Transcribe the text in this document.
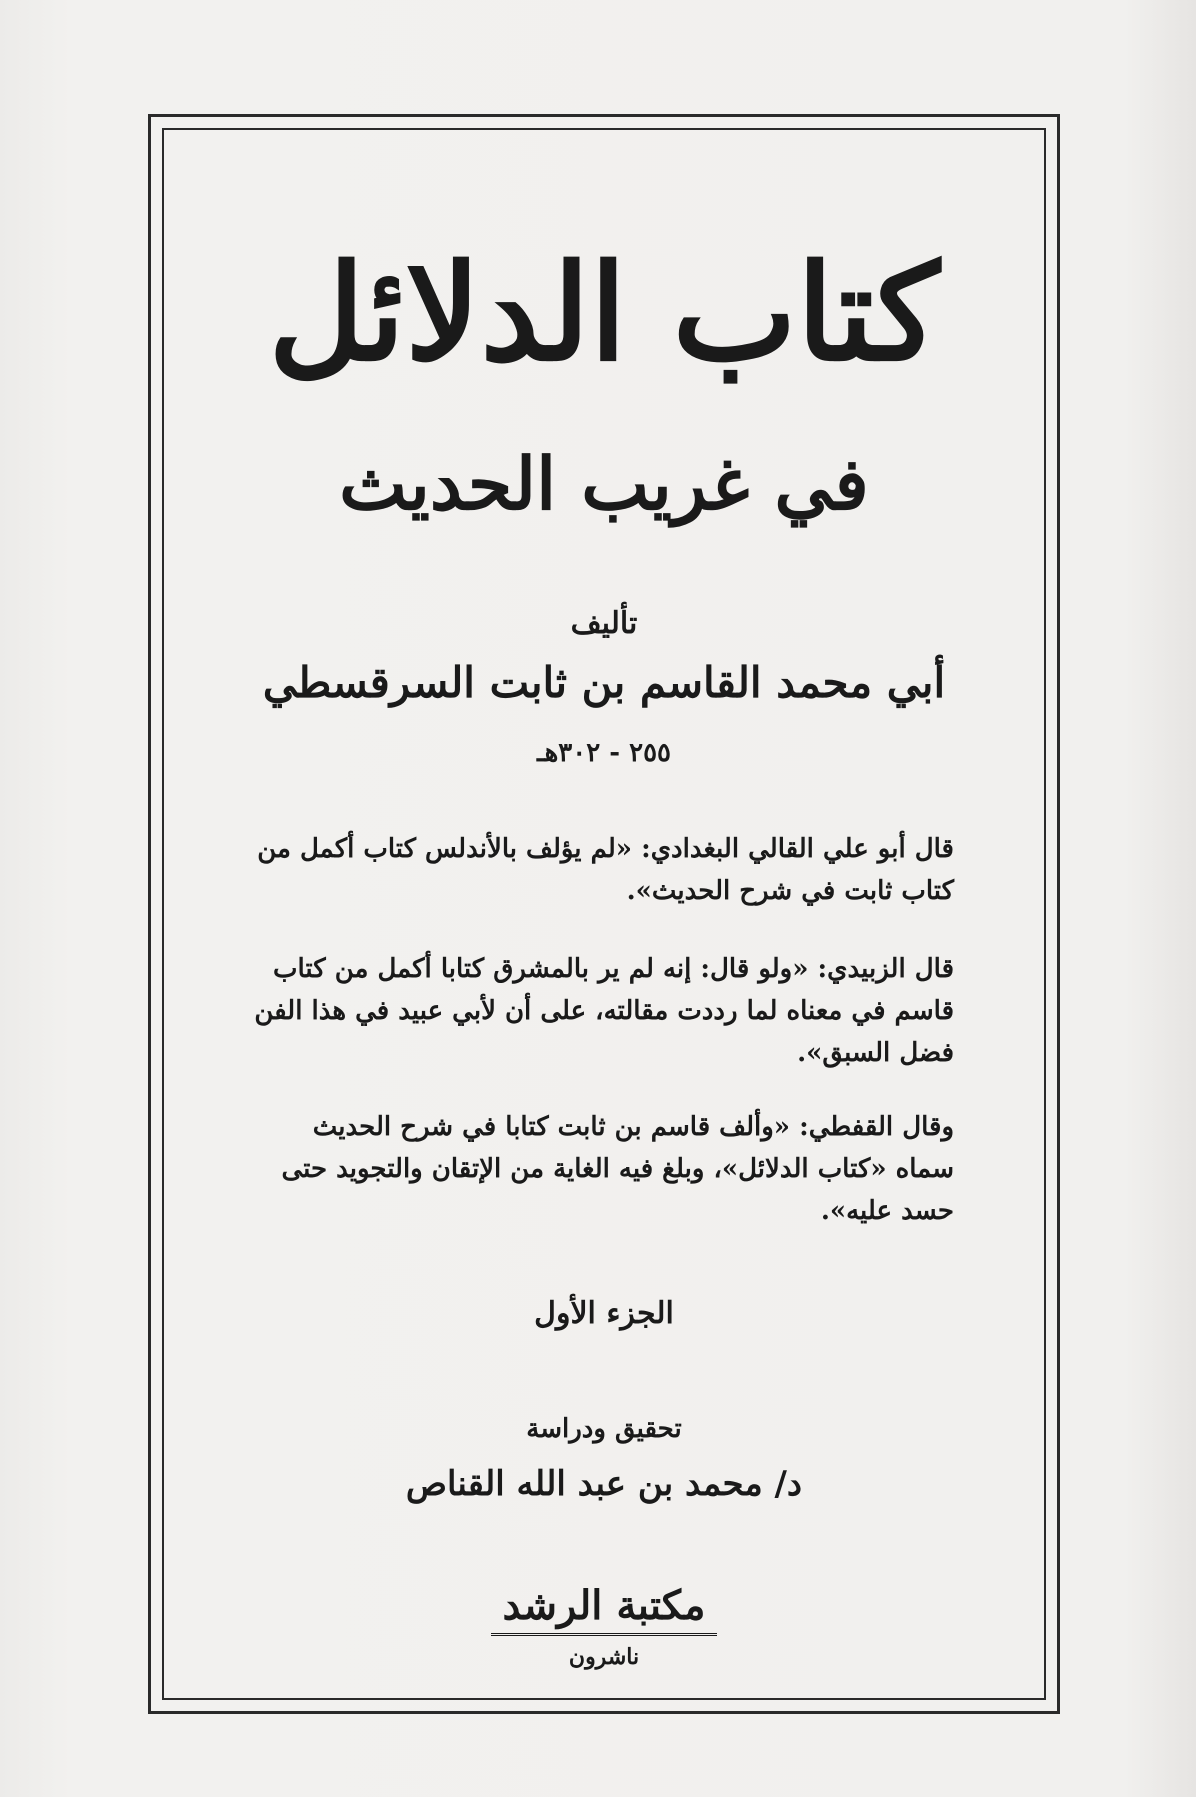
كتاب الدلائل
في غريب الحديث
تأليف
أبي محمد القاسم بن ثابت السرقسطي
٢٥٥ - ٣٠٢هـ
قال أبو علي القالي البغدادي: «لم يؤلف بالأندلس كتاب أكمل من كتاب ثابت في شرح الحديث».
قال الزبيدي: «ولو قال: إنه لم ير بالمشرق كتابا أكمل من كتاب قاسم في معناه لما رددت مقالته، على أن لأبي عبيد في هذا الفن فضل السبق».
وقال القفطي: «وألف قاسم بن ثابت كتابا في شرح الحديث سماه «كتاب الدلائل»، وبلغ فيه الغاية من الإتقان والتجويد حتى حسد عليه».
الجزء الأول
تحقيق ودراسة
د/ محمد بن عبد الله القناص
مكتبة الرشد
ناشرون
